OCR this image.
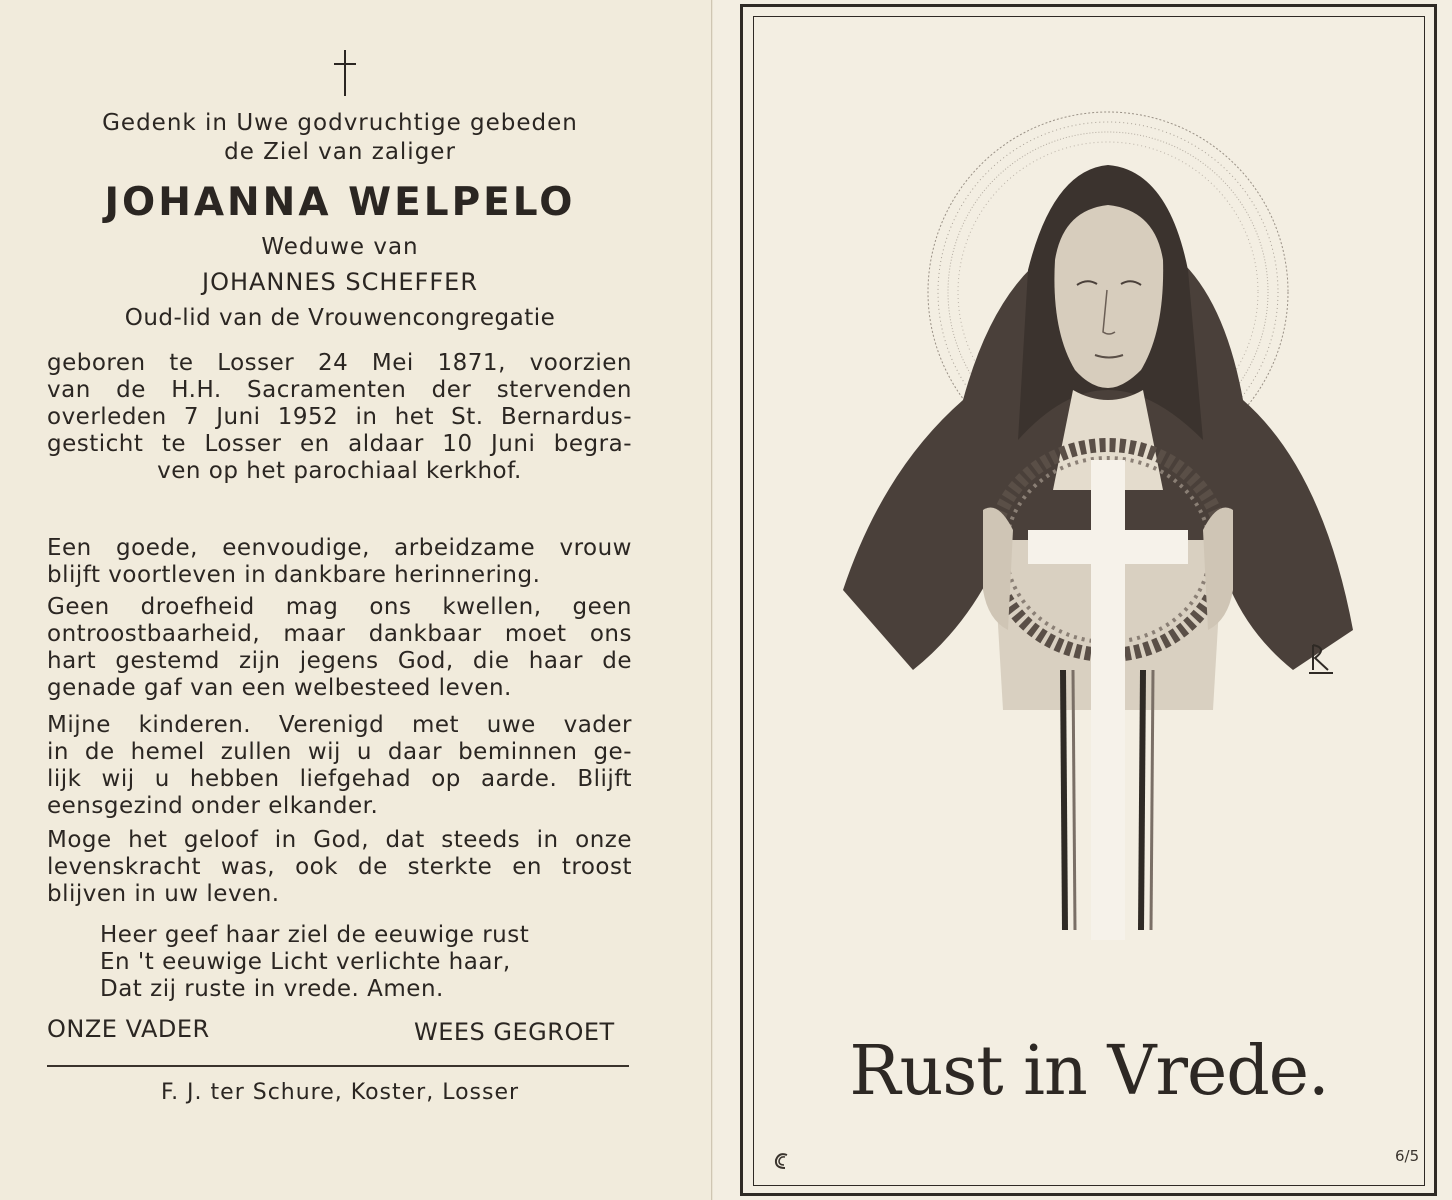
Gedenk in Uwe godvruchtige gebeden
de Ziel van zaliger
JOHANNA WELPELO
Weduwe van
JOHANNES SCHEFFER
Oud-lid van de Vrouwencongregatie
geboren te Losser 24 Mei 1871, voorzien
van de H.H. Sacramenten der stervenden
overleden 7 Juni 1952 in het St. Bernardus-
gesticht te Losser en aldaar 10 Juni begra-
ven op het parochiaal kerkhof.
Een goede, eenvoudige, arbeidzame vrouw
blijft voortleven in dankbare herinnering.
Geen droefheid mag ons kwellen, geen
ontroostbaarheid, maar dankbaar moet ons
hart gestemd zijn jegens God, die haar de
genade gaf van een welbesteed leven.
Mijne kinderen. Verenigd met uwe vader
in de hemel zullen wij u daar beminnen ge-
lijk wij u hebben liefgehad op aarde. Blijft
eensgezind onder elkander.
Moge het geloof in God, dat steeds in onze
levenskracht was, ook de sterkte en troost
blijven in uw leven.
Heer geef haar ziel de eeuwige rust
En 't eeuwige Licht verlichte haar,
Dat zij ruste in vrede. Amen.
ONZE VADER	WEES GEGROET
F. J. ter Schure, Koster, Losser	Rust in Vrede.
6/5
